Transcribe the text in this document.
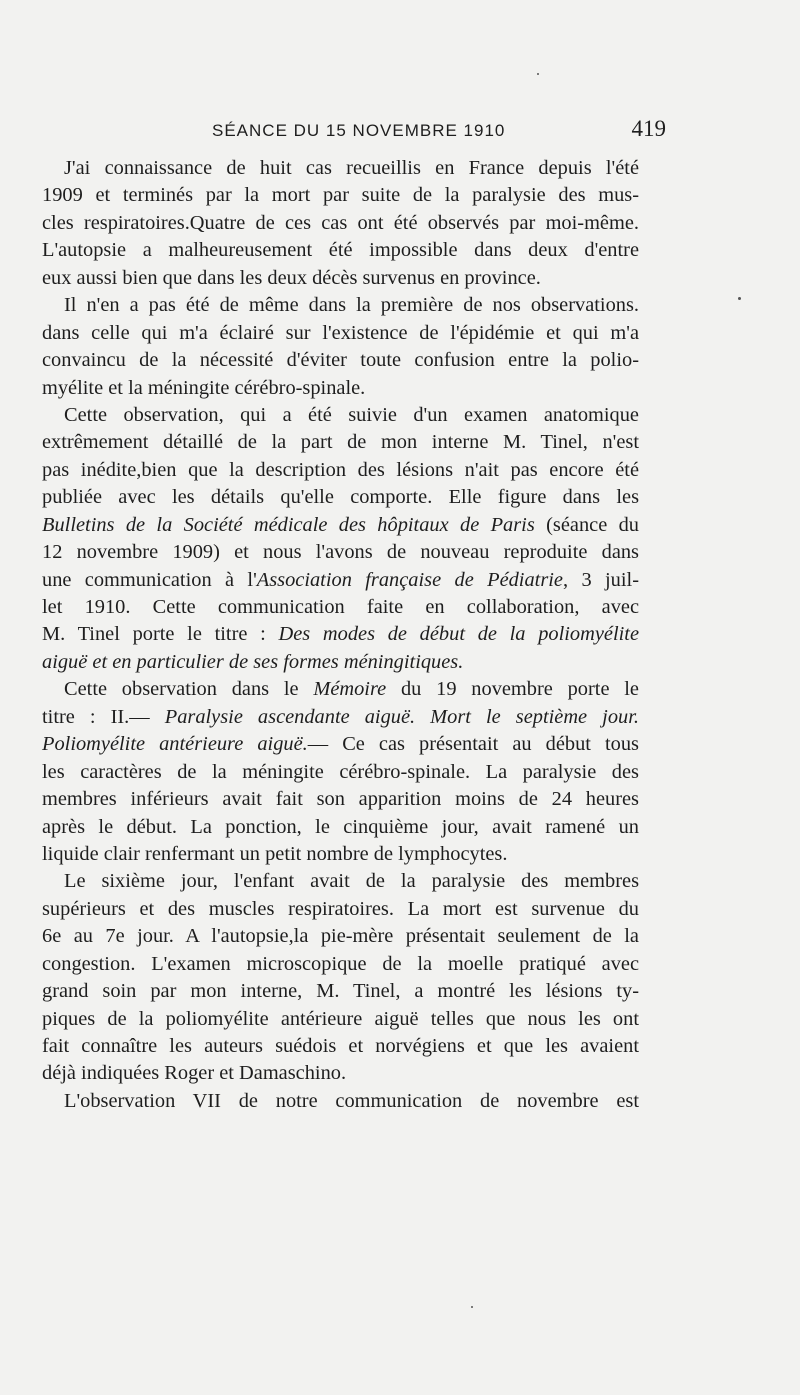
SÉANCE DU 15 NOVEMBRE 1910	419
J'ai connaissance de huit cas recueillis en France depuis l'été
1909 et terminés par la mort par suite de la paralysie des mus-
cles respiratoires.Quatre de ces cas ont été observés par moi-même.
L'autopsie a malheureusement été impossible dans deux d'entre
eux aussi bien que dans les deux décès survenus en province.
Il n'en a pas été de même dans la première de nos observations.
dans celle qui m'a éclairé sur l'existence de l'épidémie et qui m'a
convaincu de la nécessité d'éviter toute confusion entre la polio-
myélite et la méningite cérébro-spinale.
Cette observation, qui a été suivie d'un examen anatomique
extrêmement détaillé de la part de mon interne M. Tinel, n'est
pas inédite,bien que la description des lésions n'ait pas encore été
publiée avec les détails qu'elle comporte. Elle figure dans les
Bulletins de la Société médicale des hôpitaux de Paris (séance du
12 novembre 1909) et nous l'avons de nouveau reproduite dans
une communication à l'Association française de Pédiatrie, 3 juil-
let 1910. Cette communication faite en collaboration, avec
M. Tinel porte le titre : Des modes de début de la poliomyélite
aiguë et en particulier de ses formes méningitiques.
Cette observation dans le Mémoire du 19 novembre porte le
titre : II.— Paralysie ascendante aiguë. Mort le septième jour.
Poliomyélite antérieure aiguë.— Ce cas présentait au début tous
les caractères de la méningite cérébro-spinale. La paralysie des
membres inférieurs avait fait son apparition moins de 24 heures
après le début. La ponction, le cinquième jour, avait ramené un
liquide clair renfermant un petit nombre de lymphocytes.
Le sixième jour, l'enfant avait de la paralysie des membres
supérieurs et des muscles respiratoires. La mort est survenue du
6e au 7e jour. A l'autopsie,la pie-mère présentait seulement de la
congestion. L'examen microscopique de la moelle pratiqué avec
grand soin par mon interne, M. Tinel, a montré les lésions ty-
piques de la poliomyélite antérieure aiguë telles que nous les ont
fait connaître les auteurs suédois et norvégiens et que les avaient
déjà indiquées Roger et Damaschino.
L'observation VII de notre communication de novembre est
